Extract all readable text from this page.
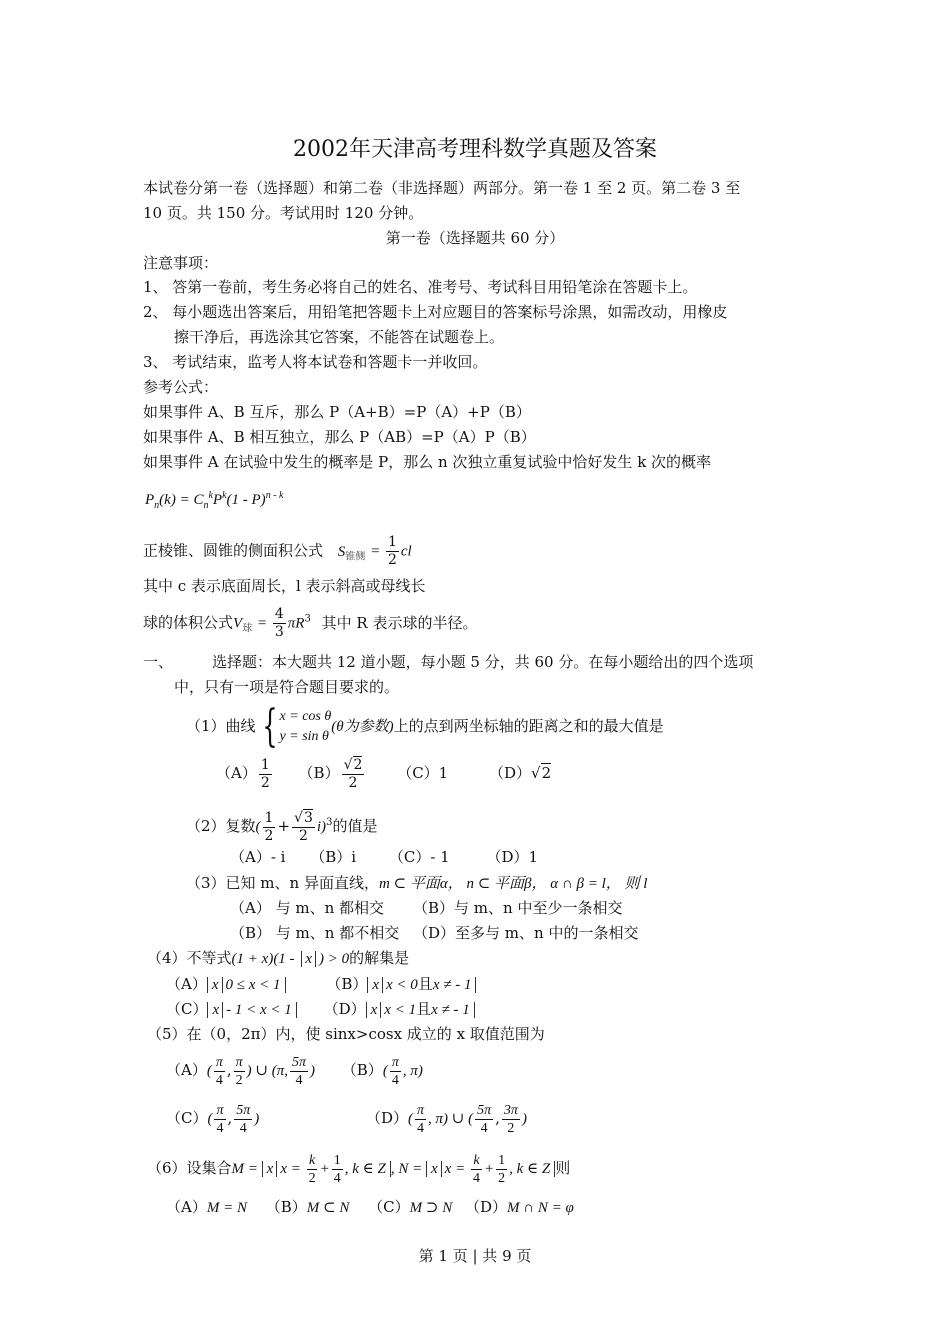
2002年天津高考理科数学真题及答案
本试卷分第一卷（选择题）和第二卷（非选择题）两部分。第一卷 1 至 2 页。第二卷 3 至
10 页。共 150 分。考试用时 120 分钟。
第一卷（选择题共 60 分）
注意事项：
1、 答第一卷前，考生务必将自己的姓名、准考号、考试科目用铅笔涂在答题卡上。
2、 每小题选出答案后，用铅笔把答题卡上对应题目的答案标号涂黑，如需改动，用橡皮
擦干净后，再选涂其它答案，不能答在试题卷上。
3、 考试结束，监考人将本试卷和答题卡一并收回。
参考公式：
如果事件 A、B 互斥，那么 P（A+B）=P（A）+P（B）
如果事件 A、B 相互独立，那么 P（AB）=P（A）P（B）
如果事件 A 在试验中发生的概率是 P，那么 n 次独立重复试验中恰好发生 k 次的概率
$P_n(k) = C_n^kP^k(1 - P)^{n - k}$
正棱锥、圆锥的侧面积公式 $S_{锥侧} = \frac{1}{2}$ cl
其中 c 表示底面周长，l 表示斜高或母线长
球的体积公式$V_球 = \frac{4}{3} \pi R^3$ 其中 R 表示球的半径。
一、	选择题：本大题共 12 道小题，每小题 5 分，共 60 分。在每小题给出的四个选项
中，只有一项是符合题目要求的。
（1）曲线 { x = cos θ
y = sin θ
(θ为参数)上的点到两坐标轴的距离之和的最大值是
$(A) \frac{1}{2} (B) \frac{√2}{2} (C)1$	（D）√2
（2）复数( $\frac{1}{2} + \frac{√3}{2} i)^3$的值是
（A）- i （B）i （C）- 1 （D）1
（3）已知 m、n 异面直线，m ⊂ 平面α， n ⊂ 平面β， α ∩ β = l， 则 l
（A） 与 m、n 都相交 （B）与 m、n 中至少一条相交
（B） 与 m、n 都不相交 （D）至多与 m、n 中的一条相交
（4）不等式(1 + x)(1 - x ) > 0的解集是
（A） x 0 ≤ x < 1	（B） x x < 0且x ≠ - 1
（C） x - 1 < x < 1 （D） x x < 1且x ≠ - 1
（5）在（0，2π）内，使 sinx>cosx 成立的 x 取值范围为
$(A)( \frac{\pi}{4}$ , $\frac{\pi}{2}$ ) ∪ (π, $\frac{5\pi}{4}$ ) $(B)( \frac{\pi}{4}$ , π)
$(C)( \frac{\pi}{4}$ , $\frac{5\pi}{4}$ )	$(D)( \frac{\pi}{4}$ , π) ∪ ( $\frac{5\pi}{4}$ , $\frac{3\pi}{2}$ )
（6）设集合M = x $x = \frac{k}{2} + \frac{1}{4}$ , k ∈ Z , N = x $x = \frac{k}{4} + \frac{1}{2}$ , k ∈ Z 则
（A）M = N （B）M ⊂ N （C）M ⊃ N （D）M ∩ N = φ
第 1 页 | 共 9 页
